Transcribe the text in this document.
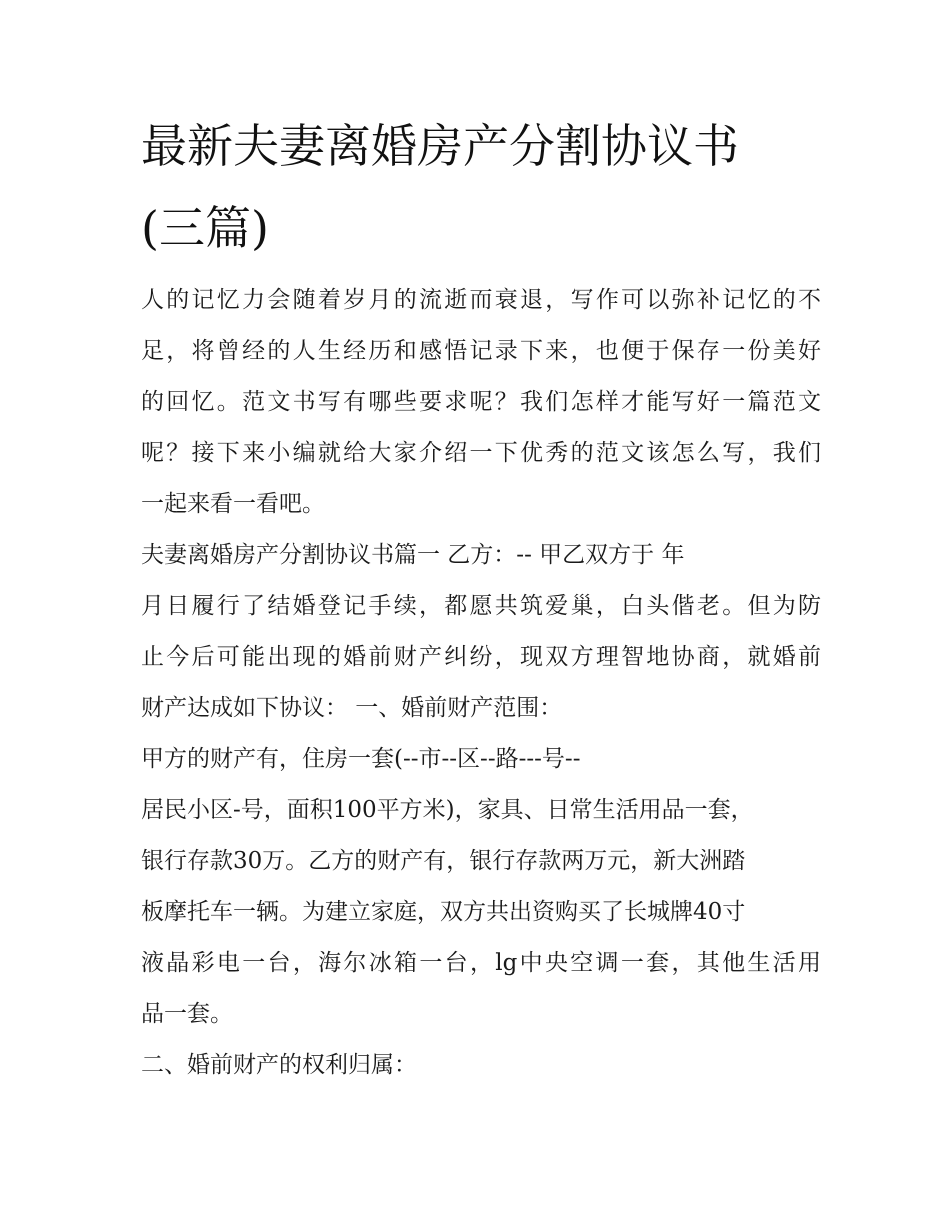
最新夫妻离婚房产分割协议书
(三篇)
人的记忆力会随着岁月的流逝而衰退，写作可以弥补记忆的不
足，将曾经的人生经历和感悟记录下来，也便于保存一份美好
的回忆。范文书写有哪些要求呢？我们怎样才能写好一篇范文
呢？接下来小编就给大家介绍一下优秀的范文该怎么写，我们
一起来看一看吧。
夫妻离婚房产分割协议书篇一 乙方：-- 甲乙双方于 年
月日履行了结婚登记手续，都愿共筑爱巢，白头偕老。但为防
止今后可能出现的婚前财产纠纷，现双方理智地协商，就婚前
财产达成如下协议： 一、婚前财产范围：
甲方的财产有，住房一套(--市--区--路---号--
居民小区-号，面积100平方米)，家具、日常生活用品一套，
银行存款30万。乙方的财产有，银行存款两万元，新大洲踏
板摩托车一辆。为建立家庭，双方共出资购买了长城牌40寸
液晶彩电一台，海尔冰箱一台，lg中央空调一套，其他生活用
品一套。
二、婚前财产的权利归属：
